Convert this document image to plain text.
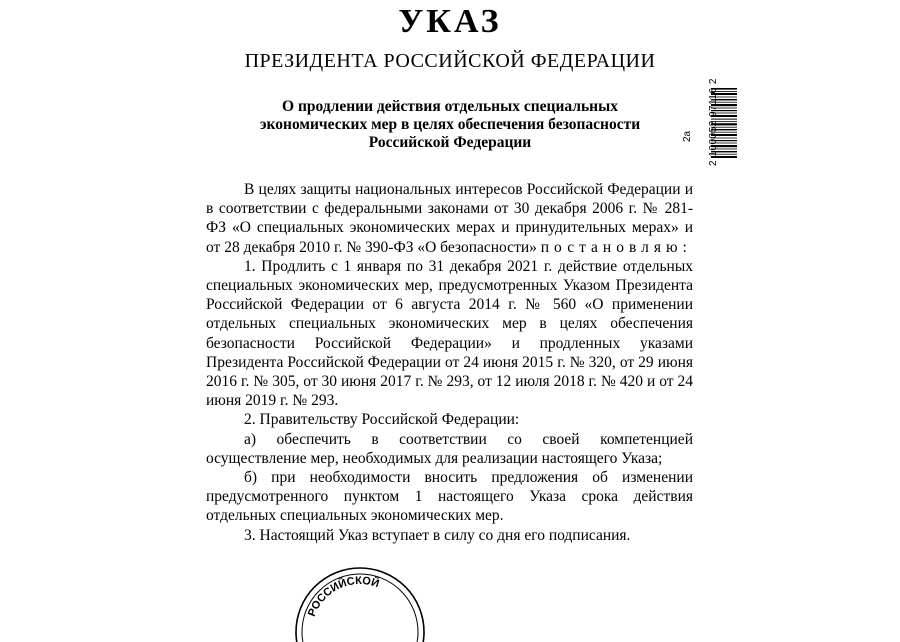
УКАЗ
ПРЕЗИДЕНТА РОССИЙСКОЙ ФЕДЕРАЦИИ
О продлении действия отдельных специальных
экономических мер в целях обеспечения безопасности
Российской Федерации	2 100052 97116 2
2а

В целях защиты национальных интересов Российской Федерации и в соответствии с федеральными законами от 30 декабря 2006 г. № 281-ФЗ «О специальных экономических мерах и принудительных мерах» и от 28 декабря 2010 г. № 390-ФЗ «О безопасности» постановляю:

1. Продлить с 1 января по 31 декабря 2021 г. действие отдельных специальных экономических мер, предусмотренных Указом Президента Российской Федерации от 6 августа 2014 г. № 560 «О применении отдельных специальных экономических мер в целях обеспечения безопасности Российской Федерации» и продленных указами Президента Российской Федерации от 24 июня 2015 г. № 320, от 29 июня 2016 г. № 305, от 30 июня 2017 г. № 293, от 12 июля 2018 г. № 420 и от 24 июня 2019 г. № 293.

2. Правительству Российской Федерации:

а) обеспечить в соответствии со своей компетенцией осуществление мер, необходимых для реализации настоящего Указа;

б) при необходимости вносить предложения об изменении предусмотренного пунктом 1 настоящего Указа срока действия отдельных специальных экономических мер.

3. Настоящий Указ вступает в силу со дня его подписания.

РОССИЙСКОЙ
